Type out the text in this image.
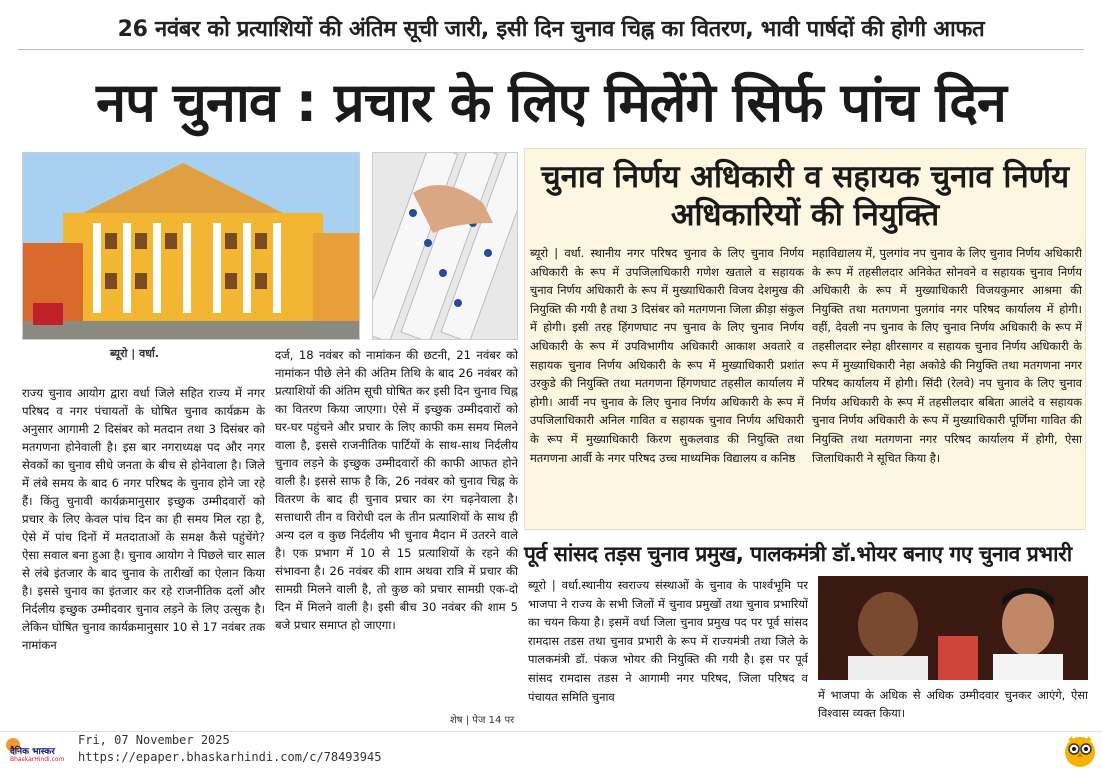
26 नवंबर को प्रत्याशियों की अंतिम सूची जारी, इसी दिन चुनाव चिह्न का वितरण, भावी पार्षदों की होगी आफत
नप चुनाव : प्रचार के लिए मिलेंगे सिर्फ पांच दिन
ब्यूरो | वर्धा.
राज्य चुनाव आयोग द्वारा वर्धा जिले सहित राज्य में नगर परिषद व नगर पंचायतों के घोषित चुनाव कार्यक्रम के अनुसार आगामी 2 दिसंबर को मतदान तथा 3 दिसंबर को मतगणना होनेवाली है। इस बार नगराध्यक्ष पद और नगर सेवकों का चुनाव सीधे जनता के बीच से होनेवाला है। जिले में लंबे समय के बाद 6 नगर परिषद के चुनाव होने जा रहे हैं। किंतु चुनावी कार्यक्रमानुसार इच्छुक उम्मीदवारों को प्रचार के लिए केवल पांच दिन का ही समय मिल रहा है, ऐसे में पांच दिनों में मतदाताओं के समक्ष कैसे पहुंचेंगे? ऐसा सवाल बना हुआ है। चुनाव आयोग ने पिछले चार साल से लंबे इंतजार के बाद चुनाव के तारीखों का ऐलान किया है। इससे चुनाव का इंतजार कर रहे राजनीतिक दलों और निर्दलीय इच्छुक उम्मीदवार चुनाव लड़ने के लिए उत्सुक है। लेकिन घोषित चुनाव कार्यक्रमानुसार 10 से 17 नवंबर तक नामांकन
दर्ज, 18 नवंबर को नामांकन की छटनी, 21 नवंबर को नामांकन पीछे लेने की अंतिम तिथि के बाद 26 नवंबर को प्रत्याशियों की अंतिम सूची घोषित कर इसी दिन चुनाव चिह्न का वितरण किया जाएगा। ऐसे में इच्छुक उम्मीदवारों को घर-घर पहुंचने और प्रचार के लिए काफी कम समय मिलने वाला है, इससे राजनीतिक पार्टियों के साथ-साथ निर्दलीय चुनाव लड़ने के इच्छुक उम्मीदवारों की काफी आफत होने वाली है। इससे साफ है कि, 26 नवंबर को चुनाव चिह्न के वितरण के बाद ही चुनाव प्रचार का रंग चढ़नेवाला है। सत्ताधारी तीन व विरोधी दल के तीन प्रत्याशियों के साथ ही अन्य दल व कुछ निर्दलीय भी चुनाव मैदान में उतरने वाले है। एक प्रभाग में 10 से 15 प्रत्याशियों के रहने की संभावना है। 26 नवंबर की शाम अथवा रात्रि में प्रचार की सामग्री मिलने वाली है, तो कुछ को प्रचार सामग्री एक-दो दिन में मिलने वाली है। इसी बीच 30 नवंबर की शाम 5 बजे प्रचार समाप्त हो जाएगा।
शेष | पेज 14 पर
चुनाव निर्णय अधिकारी व सहायक चुनाव निर्णय अधिकारियों की नियुक्ति
ब्यूरो | वर्धा. स्थानीय नगर परिषद चुनाव के लिए चुनाव निर्णय अधिकारी के रूप में उपजिलाधिकारी गणेश खताले व सहायक चुनाव निर्णय अधिकारी के रूप में मुख्याधिकारी विजय देशमुख की नियुक्ति की गयी है तथा 3 दिसंबर को मतगणना जिला क्रीड़ा संकुल में होगी। इसी तरह हिंगणघाट नप चुनाव के लिए चुनाव निर्णय अधिकारी के रूप में उपविभागीय अधिकारी आकाश अवतारे व सहायक चुनाव निर्णय अधिकारी के रूप में मुख्याधिकारी प्रशांत उरकुडे की नियुक्ति तथा मतगणना हिंगणघाट तहसील कार्यालय में होगी। आर्वी नप चुनाव के लिए चुनाव निर्णय अधिकारी के रूप में उपजिलाधिकारी अनिल गावित व सहायक चुनाव निर्णय अधिकारी के रूप में मुख्याधिकारी किरण सुकलवाड की नियुक्ति तथा मतगणना आर्वी के नगर परिषद उच्च माध्यमिक विद्यालय व कनिष्ठ
महाविद्यालय में, पुलगांव नप चुनाव के लिए चुनाव निर्णय अधिकारी के रूप में तहसीलदार अनिकेत सोनवने व सहायक चुनाव निर्णय अधिकारी के रूप में मुख्याधिकारी विजयकुमार आश्रमा की नियुक्ति तथा मतगणना पुलगांव नगर परिषद कार्यालय में होगी। वहीं, देवली नप चुनाव के लिए चुनाव निर्णय अधिकारी के रूप में तहसीलदार स्नेहा क्षीरसागर व सहायक चुनाव निर्णय अधिकारी के रूप में मुख्याधिकारी नेहा अकोडे की नियुक्ति तथा मतगणना नगर परिषद कार्यालय में होगी। सिंदी (रेलवे) नप चुनाव के लिए चुनाव निर्णय अधिकारी के रूप में तहसीलदार बबिता आलंदे व सहायक चुनाव निर्णय अधिकारी के रूप में मुख्याधिकारी पूर्णिमा गावित की नियुक्ति तथा मतगणना नगर परिषद कार्यालय में होगी, ऐसा जिलाधिकारी ने सूचित किया है।
पूर्व सांसद तड़स चुनाव प्रमुख, पालकमंत्री डॉ.भोयर बनाए गए चुनाव प्रभारी
ब्यूरो | वर्धा.स्थानीय स्वराज्य संस्थाओं के चुनाव के पार्श्वभूमि पर भाजपा ने राज्य के सभी जिलों में चुनाव प्रमुखों तथा चुनाव प्रभारियों का चयन किया है। इसमें वर्धा जिला चुनाव प्रमुख पद पर पूर्व सांसद रामदास तडस तथा चुनाव प्रभारी के रूप में राज्यमंत्री तथा जिले के पालकमंत्री डॉ. पंकज भोयर की नियुक्ति की गयी है। इस पर पूर्व सांसद रामदास तडस ने आगामी नगर परिषद, जिला परिषद व पंचायत समिति चुनाव	में भाजपा के अधिक से अधिक उम्मीदवार चुनकर आएंगे, ऐसा विश्वास व्यक्त किया।
दैनिक भास्कर
BhaskarHindi.com
Fri, 07 November 2025
https://epaper.bhaskarhindi.com/c/78493945
